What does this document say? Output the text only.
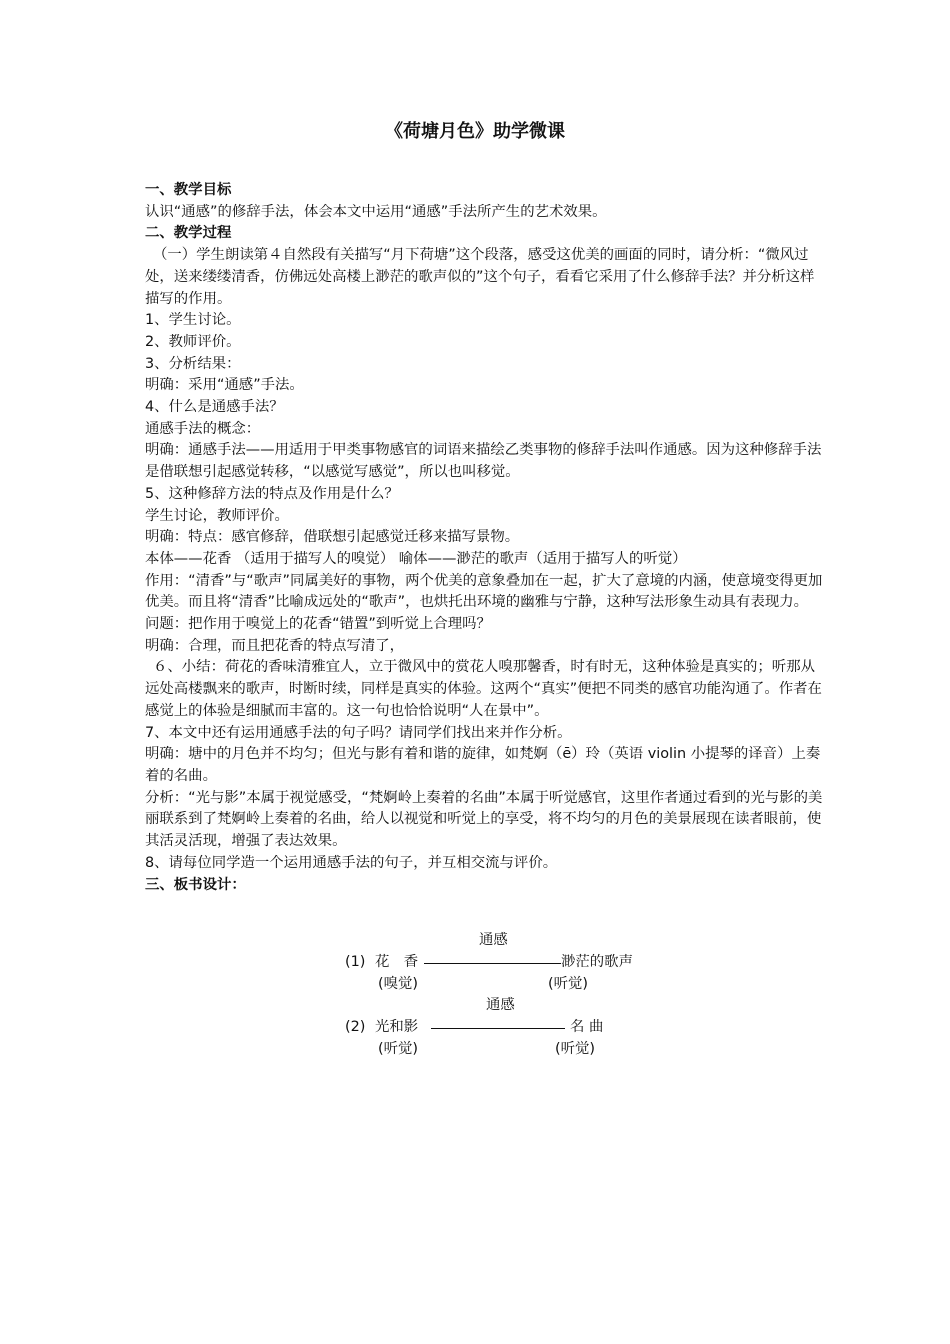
《荷塘月色》助学微课

一、教学目标

认识“通感”的修辞手法，体会本文中运用“通感”手法所产生的艺术效果。

二、教学过程

（一）学生朗读第４自然段有关描写“月下荷塘”这个段落，感受这优美的画面的同时，请分析：“微风过处，送来缕缕清香，仿佛远处高楼上渺茫的歌声似的”这个句子，看看它采用了什么修辞手法？并分析这样描写的作用。

1、学生讨论。

2、教师评价。

3、分析结果：

明确：采用“通感”手法。

4、什么是通感手法？

通感手法的概念：

明确：通感手法——用适用于甲类事物感官的词语来描绘乙类事物的修辞手法叫作通感。因为这种修辞手法是借联想引起感觉转移，“以感觉写感觉”，所以也叫移觉。

5、这种修辞方法的特点及作用是什么？

学生讨论，教师评价。

明确：特点：感官修辞，借联想引起感觉迁移来描写景物。

本体——花香 （适用于描写人的嗅觉） 喻体——渺茫的歌声（适用于描写人的听觉）

作用：“清香”与“歌声”同属美好的事物，两个优美的意象叠加在一起，扩大了意境的内涵，使意境变得更加优美。而且将“清香”比喻成远处的“歌声”，也烘托出环境的幽雅与宁静，这种写法形象生动具有表现力。

问题：把作用于嗅觉上的花香“错置”到听觉上合理吗？

明确：合理，而且把花香的特点写清了，

６、小结：荷花的香味清雅宜人，立于微风中的赏花人嗅那馨香，时有时无，这种体验是真实的；听那从远处高楼飘来的歌声，时断时续，同样是真实的体验。这两个“真实”便把不同类的感官功能沟通了。作者在感觉上的体验是细腻而丰富的。这一句也恰恰说明“人在景中”。

7、本文中还有运用通感手法的句子吗？请同学们找出来并作分析。

明确：塘中的月色并不均匀；但光与影有着和谐的旋律，如梵婀（ē）玲（英语 violin 小提琴的译音）上奏着的名曲。

分析：“光与影”本属于视觉感受，“梵婀岭上奏着的名曲”本属于听觉感官，这里作者通过看到的光与影的美丽联系到了梵婀岭上奏着的名曲，给人以视觉和听觉上的享受，将不均匀的月色的美景展现在读者眼前，使其活灵活现，增强了表达效果。

8、请每位同学造一个运用通感手法的句子，并互相交流与评价。

三、板书设计：

通感
(1) 花　香	渺茫的歌声
(嗅觉)	(听觉)
通感
(2) 光和影	名 曲
(听觉)	(听觉)
